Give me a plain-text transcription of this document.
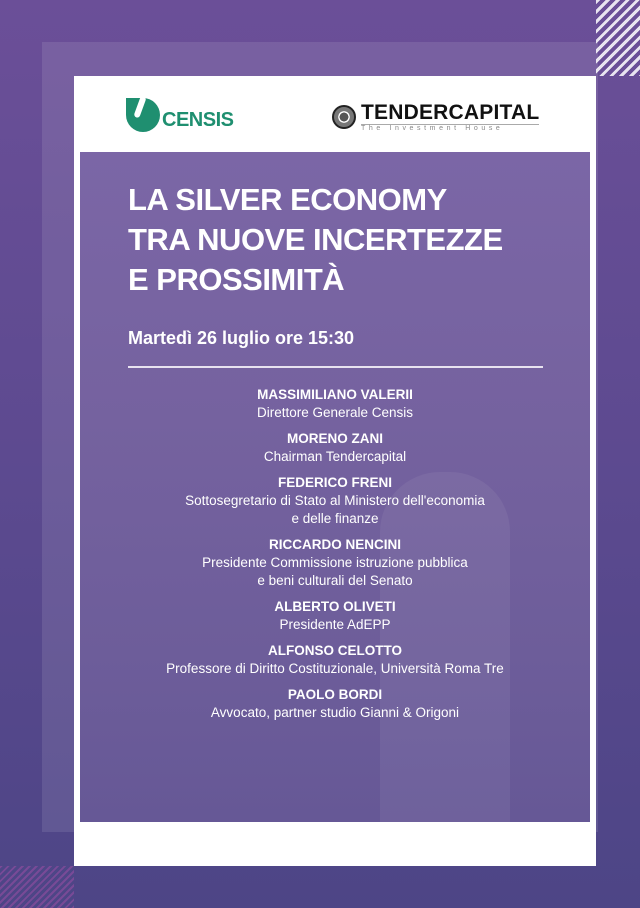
CENSIS	TENDERCAPITAL
The Investment House
LA SILVER ECONOMY
TRA NUOVE INCERTEZZE
E PROSSIMITÀ
Martedì 26 luglio ore 15:30
MASSIMILIANO VALERII
Direttore Generale Censis
MORENO ZANI
Chairman Tendercapital
FEDERICO FRENI
Sottosegretario di Stato al Ministero dell'economia
e delle finanze
RICCARDO NENCINI
Presidente Commissione istruzione pubblica
e beni culturali del Senato
ALBERTO OLIVETI
Presidente AdEPP
ALFONSO CELOTTO
Professore di Diritto Costituzionale, Università Roma Tre
PAOLO BORDI
Avvocato, partner studio Gianni & Origoni
